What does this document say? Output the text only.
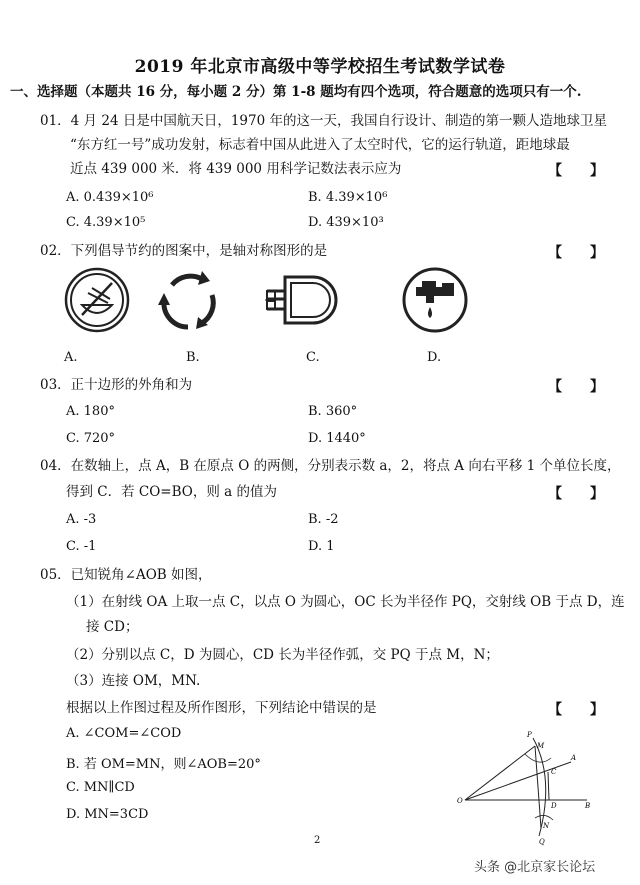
2019 年北京市高级中等学校招生考试数学试卷
一、选择题（本题共 16 分，每小题 2 分）第 1-8 题均有四个选项，符合题意的选项只有一个.
01．4 月 24 日是中国航天日，1970 年的这一天，我国自行设计、制造的第一颗人造地球卫星
“东方红一号”成功发射，标志着中国从此进入了太空时代，它的运行轨道，距地球最
近点 439 000 米．将 439 000 用科学记数法表示应为	【　　】
A. 0.439×10⁶	B. 4.39×10⁶
C. 4.39×10⁵	D. 439×10³
02．下列倡导节约的图案中，是轴对称图形的是	【　　】
A.	B.	C.	D.
03．正十边形的外角和为	【　　】
A. 180°	B. 360°
C. 720°	D. 1440°
04．在数轴上，点 A，B 在原点 O 的两侧，分别表示数 a，2，将点 A 向右平移 1 个单位长度，
得到 C．若 CO=BO，则 a 的值为	【　　】
A. -3	B. -2
C. -1	D. 1
05．已知锐角∠AOB 如图，
（1）在射线 OA 上取一点 C，以点 O 为圆心，OC 长为半径作 PQ，交射线 OB 于点 D，连
接 CD；
（2）分别以点 C，D 为圆心，CD 长为半径作弧，交 PQ 于点 M，N；
（3）连接 OM，MN.
根据以上作图过程及所作图形，下列结论中错误的是	【　　】
A. ∠COM=∠COD
B. 若 OM=MN，则∠AOB=20°
C. MN∥CD
D. MN=3CD
O
B
A
P
M
C
D
N
Q
2
头条 @北京家长论坛
